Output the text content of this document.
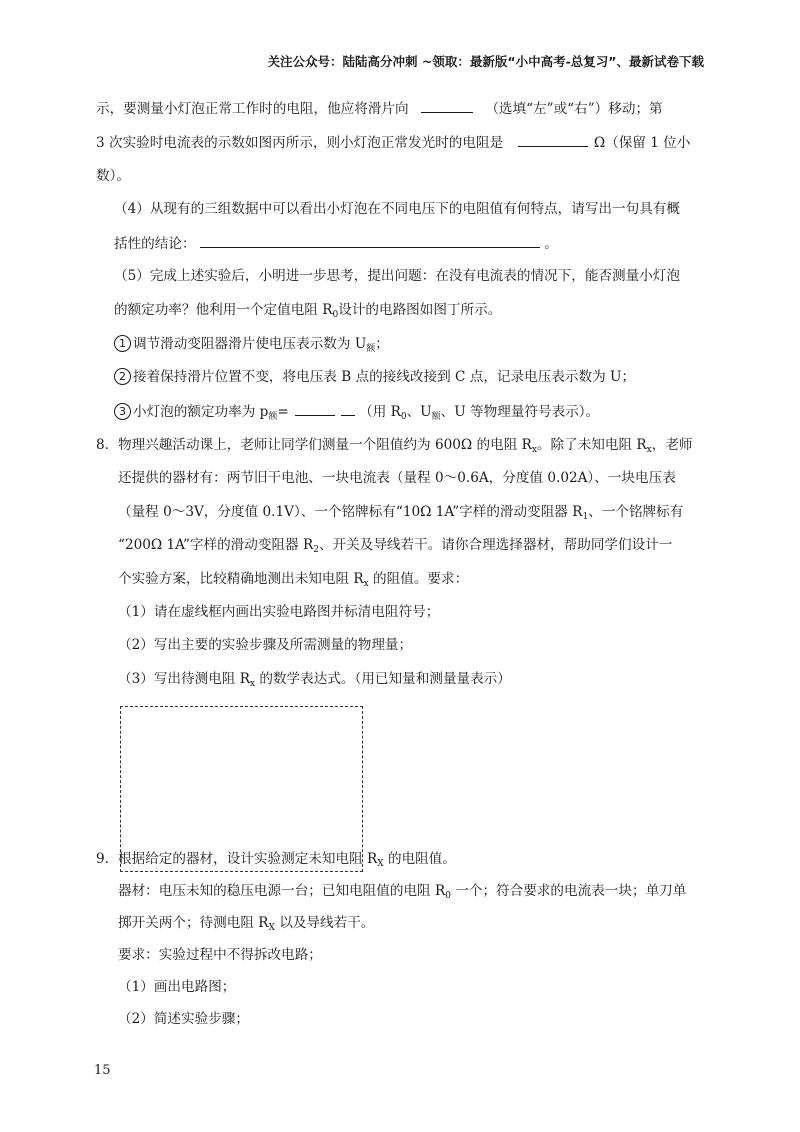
关注公众号：陆陆高分冲刺 ~领取：最新版“小中高考-总复习”、最新试卷下载
示，要测量小灯泡正常工作时的电阻，他应将滑片向	（选填“左”或“右”）移动；第
3 次实验时电流表的示数如图丙所示，则小灯泡正常发光时的电阻是	Ω（保留 1 位小
数）。
（4）从现有的三组数据中可以看出小灯泡在不同电压下的电阻值有何特点，请写出一句具有概
括性的结论：	。
（5）完成上述实验后，小明进一步思考，提出问题：在没有电流表的情况下，能否测量小灯泡
的额定功率？他利用一个定值电阻 $R_0$设计的电路图如图丁所示。
1 调节滑动变阻器滑片使电压表示数为 $U_额$；
2 接着保持滑片位置不变，将电压表 B 点的接线改接到 C 点，记录电压表示数为 U；
3 小灯泡的额定功率为 $p_额=$	（用 $R_0$、$U_额$、U 等物理量符号表示）。
8. 物理兴趣活动课上，老师让同学们测量一个阻值约为 600Ω 的电阻 $R_x$。除了未知电阻 $R_x$，老师
还提供的器材有：两节旧干电池、一块电流表（量程 0～0.6A，分度值 0.02A）、一块电压表
（量程 0～3V，分度值 0.1V）、一个铭牌标有“10Ω 1A”字样的滑动变阻器 $R_1$、一个铭牌标有
“200Ω 1A”字样的滑动变阻器 $R_2$、开关及导线若干。请你合理选择器材，帮助同学们设计一
个实验方案，比较精确地测出未知电阻 $R_x$ 的阻值。要求：
（1）请在虚线框内画出实验电路图并标清电阻符号；
（2）写出主要的实验步骤及所需测量的物理量；
（3）写出待测电阻 $R_x$ 的数学表达式。（用已知量和测量量表示）
9. 根据给定的器材，设计实验测定未知电阻 $R_X$ 的电阻值。
器材：电压未知的稳压电源一台；已知电阻值的电阻 $R_0$ 一个；符合要求的电流表一块；单刀单
掷开关两个；待测电阻 $R_X$ 以及导线若干。
要求：实验过程中不得拆改电路；
（1）画出电路图；
（2）简述实验步骤；
15
